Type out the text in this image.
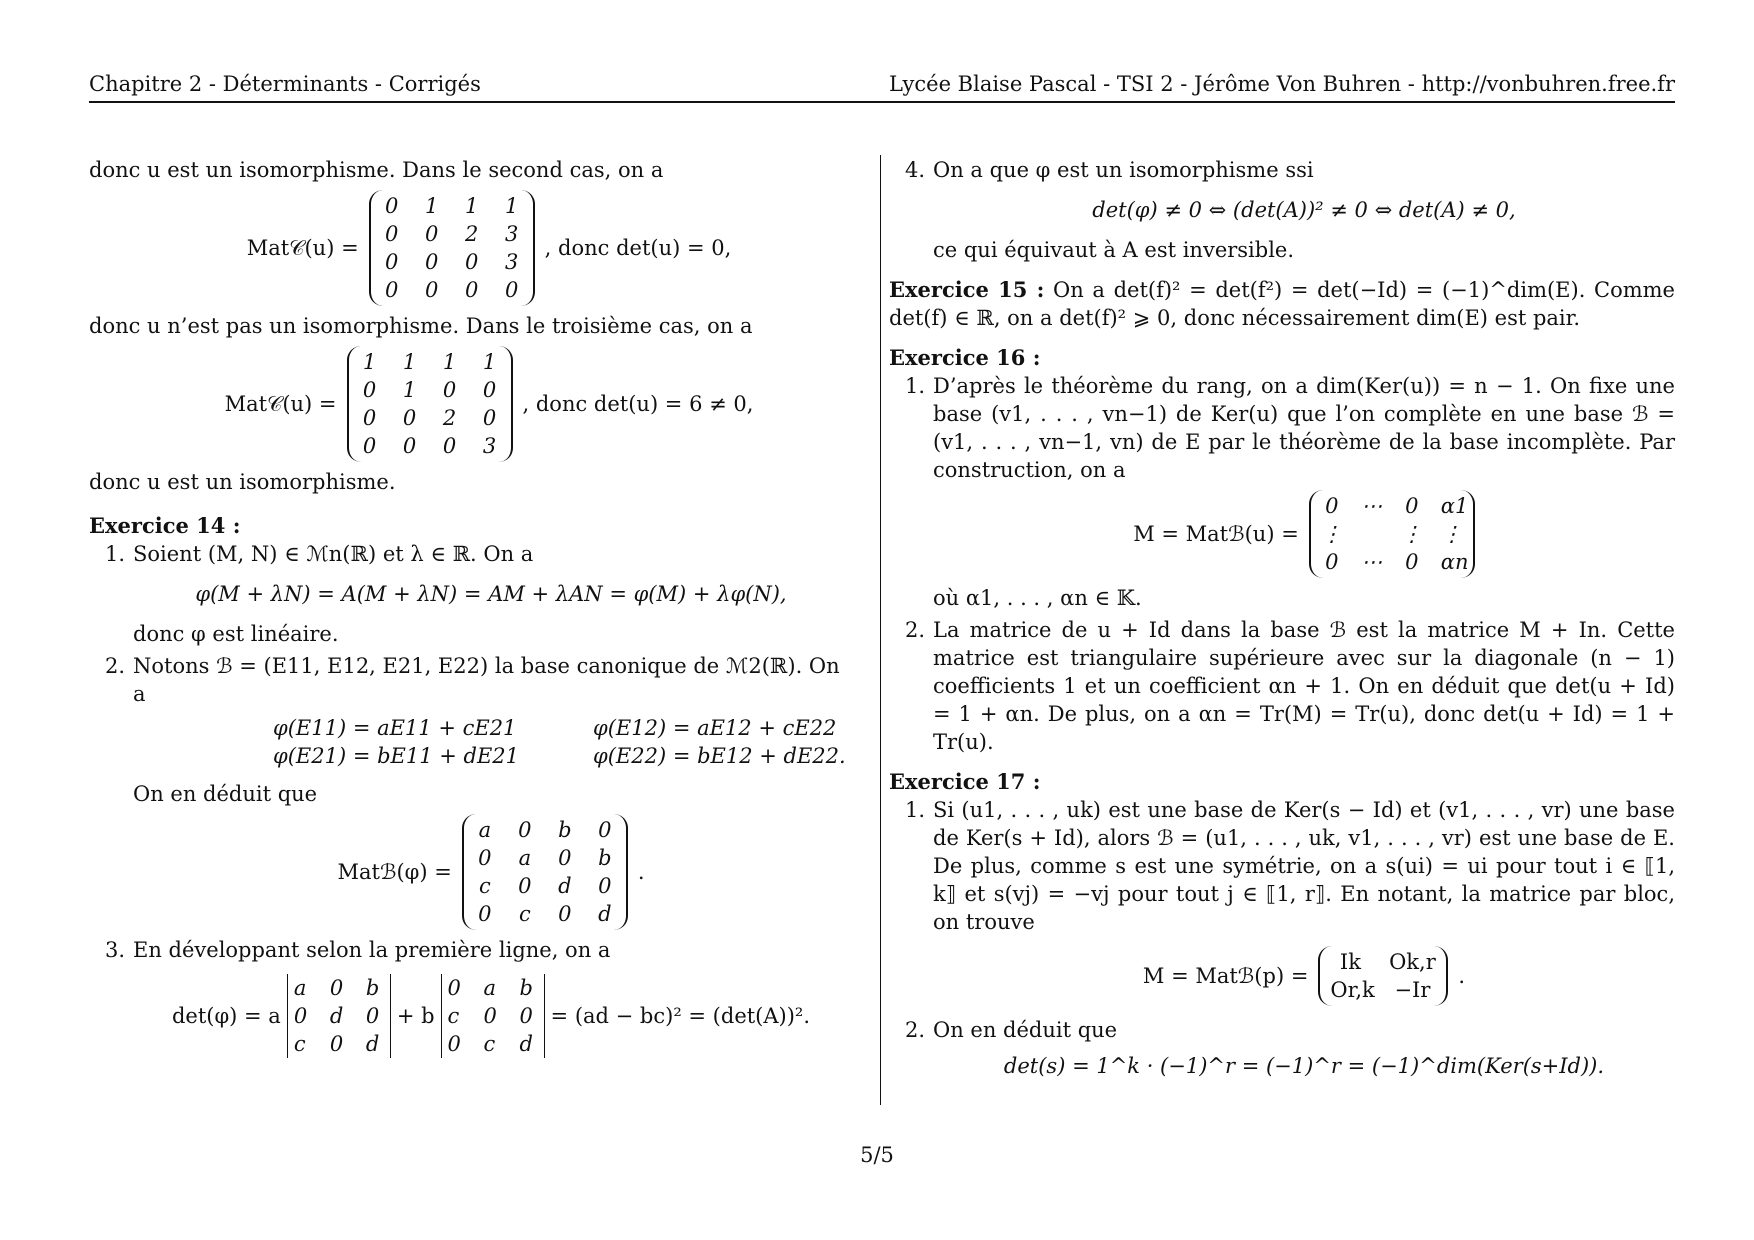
Chapitre 2 - Déterminants - Corrigés	Lycée Blaise Pascal - TSI 2 - Jérôme Von Buhren - http://vonbuhren.free.fr

donc u est un isomorphisme. Dans le second cas, on a

Mat𝒞(u) =
0 1 1 1
0 0 2 3
0 0 0 3
0 0 0 0
, donc det(u) = 0,

donc u n’est pas un isomorphisme. Dans le troisième cas, on a

Mat𝒞(u) =
1 1 1 1
0 1 0 0
0 0 2 0
0 0 0 3
, donc det(u) = 6 ≠ 0,

donc u est un isomorphisme.

Exercice 14 :

1. Soient (M, N) ∈ ℳn(ℝ) et λ ∈ ℝ. On a

φ(M + λN) = A(M + λN) = AM + λAN = φ(M) + λφ(N),

donc φ est linéaire.

2. Notons ℬ = (E11, E12, E21, E22) la base canonique de ℳ2(ℝ). On a

φ(E11) = aE11 + cE21	φ(E12) = aE12 + cE22
φ(E21) = bE11 + dE21	φ(E22) = bE12 + dE22.

On en déduit que

Matℬ(φ) =
a 0 b 0
0 a 0 b
c 0 d 0
0 c 0 d
.
3. En développant selon la première ligne, on a

det(φ) = a
a 0 b
0 d 0
c 0 d
+ b
0 a b
c 0 0
0 c d
= (ad − bc)² = (det(A))².
4. On a que φ est un isomorphisme ssi

det(φ) ≠ 0 ⇔ (det(A))² ≠ 0 ⇔ det(A) ≠ 0,

ce qui équivaut à A est inversible.

Exercice 15 : On a det(f)² = det(f²) = det(−Id) = (−1)^dim(E). Comme det(f) ∈ ℝ, on a det(f)² ⩾ 0, donc nécessairement dim(E) est pair.

Exercice 16 :

1. D’après le théorème du rang, on a dim(Ker(u)) = n − 1. On fixe une base (v1, . . . , vn−1) de Ker(u) que l’on complète en une base ℬ = (v1, . . . , vn−1, vn) de E par le théorème de la base incomplète. Par construction, on a

M = Matℬ(u) =
0 ⋯ 0 α1
⋮	⋮ ⋮
0 ⋯ 0 αn

où α1, . . . , αn ∈ 𝕂.

2. La matrice de u + Id dans la base ℬ est la matrice M + In. Cette matrice est triangulaire supérieure avec sur la diagonale (n − 1) coefficients 1 et un coefficient αn + 1. On en déduit que det(u + Id) = 1 + αn. De plus, on a αn = Tr(M) = Tr(u), donc det(u + Id) = 1 + Tr(u).

Exercice 17 :

1. Si (u1, . . . , uk) est une base de Ker(s − Id) et (v1, . . . , vr) une base de Ker(s + Id), alors ℬ = (u1, . . . , uk, v1, . . . , vr) est une base de E. De plus, comme s est une symétrie, on a s(ui) = ui pour tout i ∈ ⟦1, k⟧ et s(vj) = −vj pour tout j ∈ ⟦1, r⟧. En notant, la matrice par bloc, on trouve

M = Matℬ(p) =
Ik	Ok,r
Or,k −Ir
.
2. On en déduit que

det(s) = 1^k · (−1)^r = (−1)^r = (−1)^dim(Ker(s+Id)).

5/5
